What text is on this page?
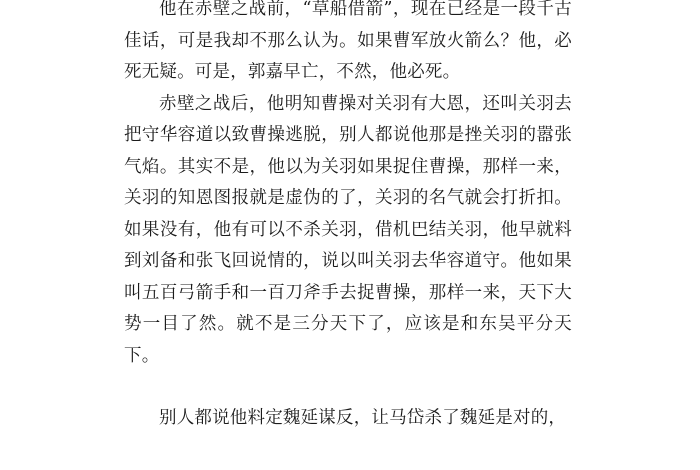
他在赤壁之战前，“草船借箭”，现在已经是一段千古佳话，可是我却不那么认为。如果曹军放火箭么？他，必死无疑。可是，郭嘉早亡，不然，他必死。

赤壁之战后，他明知曹操对关羽有大恩，还叫关羽去把守华容道以致曹操逃脱，别人都说他那是挫关羽的嚣张气焰。其实不是，他以为关羽如果捉住曹操，那样一来，关羽的知恩图报就是虚伪的了，关羽的名气就会打折扣。如果没有，他有可以不杀关羽，借机巴结关羽，他早就料到刘备和张飞回说情的，说以叫关羽去华容道守。他如果叫五百弓箭手和一百刀斧手去捉曹操，那样一来，天下大势一目了然。就不是三分天下了，应该是和东吴平分天下。

别人都说他料定魏延谋反，让马岱杀了魏延是对的，
